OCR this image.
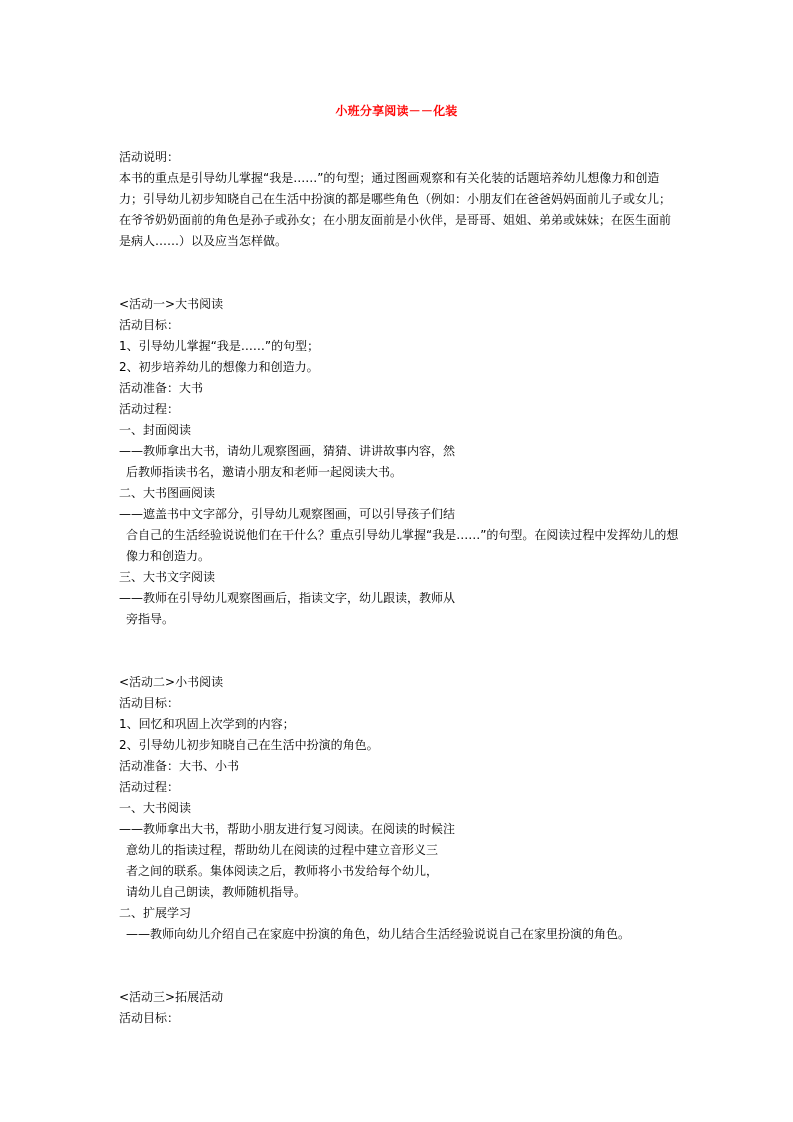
小班分享阅读－－化装
活动说明：
本书的重点是引导幼儿掌握“我是……”的句型；通过图画观察和有关化装的话题培养幼儿想像力和创造力；引导幼儿初步知晓自己在生活中扮演的都是哪些角色（例如：小朋友们在爸爸妈妈面前儿子或女儿；在爷爷奶奶面前的角色是孙子或孙女；在小朋友面前是小伙伴，是哥哥、姐姐、弟弟或妹妹；在医生面前是病人……）以及应当怎样做。
<活动一>大书阅读
活动目标：
1、引导幼儿掌握“我是……”的句型；
2、初步培养幼儿的想像力和创造力。
活动准备：大书
活动过程：
一、封面阅读
——教师拿出大书，请幼儿观察图画，猜猜、讲讲故事内容，然
后教师指读书名，邀请小朋友和老师一起阅读大书。
二、大书图画阅读
——遮盖书中文字部分，引导幼儿观察图画，可以引导孩子们结
合自己的生活经验说说他们在干什么？重点引导幼儿掌握“我是……”的句型。在阅读过程中发挥幼儿的想像力和创造力。
三、大书文字阅读
——教师在引导幼儿观察图画后，指读文字，幼儿跟读，教师从
旁指导。
<活动二>小书阅读
活动目标：
1、回忆和巩固上次学到的内容；
2、引导幼儿初步知晓自己在生活中扮演的角色。
活动准备：大书、小书
活动过程：
一、大书阅读
——教师拿出大书，帮助小朋友进行复习阅读。在阅读的时候注
意幼儿的指读过程，帮助幼儿在阅读的过程中建立音形义三
者之间的联系。集体阅读之后，教师将小书发给每个幼儿，
请幼儿自己朗读，教师随机指导。
二、扩展学习
——教师向幼儿介绍自己在家庭中扮演的角色，幼儿结合生活经验说说自己在家里扮演的角色。
<活动三>拓展活动
活动目标：
